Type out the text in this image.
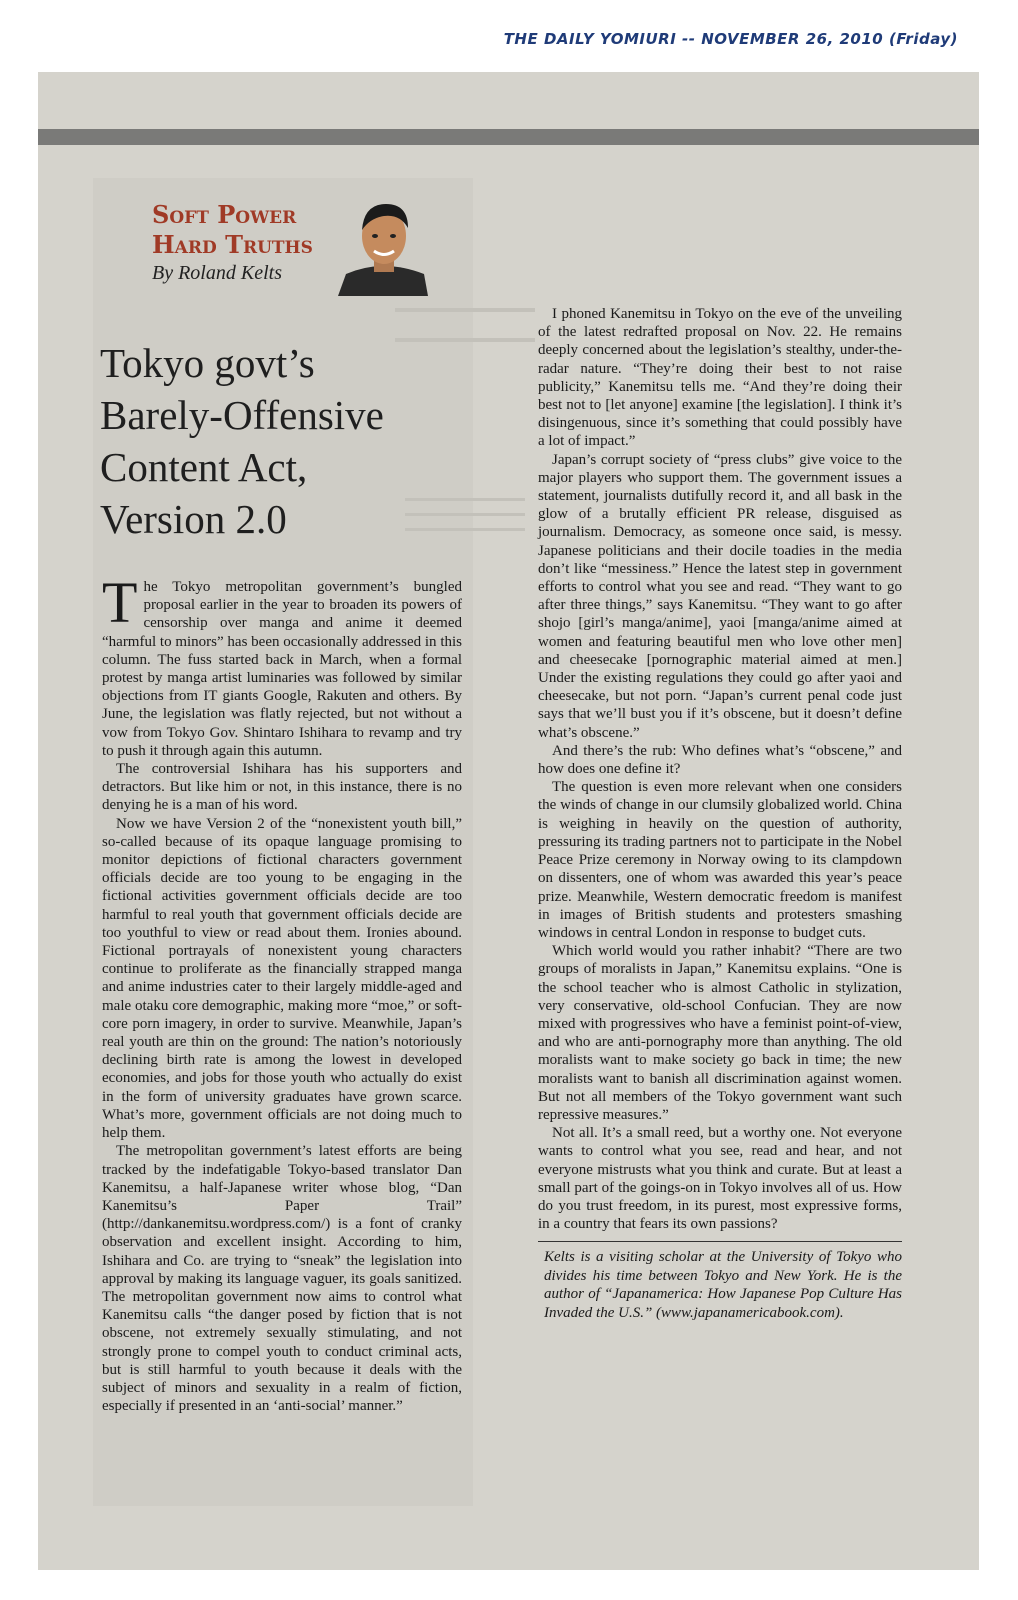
THE DAILY YOMIURI -- NOVEMBER 26, 2010 (Friday)
Soft Power
Hard Truths
By Roland Kelts
Tokyo govt’s
Barely-Offensive
Content Act,
Version 2.0

The Tokyo metropolitan government’s bungled proposal earlier in the year to broaden its powers of censorship over manga and anime it deemed “harmful to minors” has been occasionally addressed in this column. The fuss started back in March, when a formal protest by manga artist luminaries was followed by similar objections from IT giants Google, Rakuten and others. By June, the legislation was flatly rejected, but not without a vow from Tokyo Gov. Shintaro Ishihara to revamp and try to push it through again this autumn.

The controversial Ishihara has his supporters and detractors. But like him or not, in this instance, there is no denying he is a man of his word.

Now we have Version 2 of the “nonexistent youth bill,” so-called because of its opaque language promising to monitor depictions of fictional characters government officials decide are too young to be engaging in the fictional activities government officials decide are too harmful to real youth that government officials decide are too youthful to view or read about them. Ironies abound. Fictional portrayals of nonexistent young characters continue to proliferate as the financially strapped manga and anime industries cater to their largely middle-aged and male otaku core demographic, making more “moe,” or soft-core porn imagery, in order to survive. Meanwhile, Japan’s real youth are thin on the ground: The nation’s notoriously declining birth rate is among the lowest in developed economies, and jobs for those youth who actually do exist in the form of university graduates have grown scarce. What’s more, government officials are not doing much to help them.

The metropolitan government’s latest efforts are being tracked by the indefatigable Tokyo-based translator Dan Kanemitsu, a half-Japanese writer whose blog, “Dan Kanemitsu’s Paper Trail” (http://dankanemitsu.wordpress.com/) is a font of cranky observation and excellent insight. According to him, Ishihara and Co. are trying to “sneak” the legislation into approval by making its language vaguer, its goals sanitized. The metropolitan government now aims to control what Kanemitsu calls “the danger posed by fiction that is not obscene, not extremely sexually stimulating, and not strongly prone to compel youth to conduct criminal acts, but is still harmful to youth because it deals with the subject of minors and sexuality in a realm of fiction, especially if presented in an ‘anti-social’ manner.”

I phoned Kanemitsu in Tokyo on the eve of the unveiling of the latest redrafted proposal on Nov. 22. He remains deeply concerned about the legislation’s stealthy, under-the-radar nature. “They’re doing their best to not raise publicity,” Kanemitsu tells me. “And they’re doing their best not to [let anyone] examine [the legislation]. I think it’s disingenuous, since it’s something that could possibly have a lot of impact.”

Japan’s corrupt society of “press clubs” give voice to the major players who support them. The government issues a statement, journalists dutifully record it, and all bask in the glow of a brutally efficient PR release, disguised as journalism. Democracy, as someone once said, is messy. Japanese politicians and their docile toadies in the media don’t like “messiness.” Hence the latest step in government efforts to control what you see and read. “They want to go after three things,” says Kanemitsu. “They want to go after shojo [girl’s manga/anime], yaoi [manga/anime aimed at women and featuring beautiful men who love other men] and cheesecake [pornographic material aimed at men.] Under the existing regulations they could go after yaoi and cheesecake, but not porn. “Japan’s current penal code just says that we’ll bust you if it’s obscene, but it doesn’t define what’s obscene.”

And there’s the rub: Who defines what’s “obscene,” and how does one define it?

The question is even more relevant when one considers the winds of change in our clumsily globalized world. China is weighing in heavily on the question of authority, pressuring its trading partners not to participate in the Nobel Peace Prize ceremony in Norway owing to its clampdown on dissenters, one of whom was awarded this year’s peace prize. Meanwhile, Western democratic freedom is manifest in images of British students and protesters smashing windows in central London in response to budget cuts.

Which world would you rather inhabit? “There are two groups of moralists in Japan,” Kanemitsu explains. “One is the school teacher who is almost Catholic in stylization, very conservative, old-school Confucian. They are now mixed with progressives who have a feminist point-of-view, and who are anti-pornography more than anything. The old moralists want to make society go back in time; the new moralists want to banish all discrimination against women. But not all members of the Tokyo government want such repressive measures.”

Not all. It’s a small reed, but a worthy one. Not everyone wants to control what you see, read and hear, and not everyone mistrusts what you think and curate. But at least a small part of the goings-on in Tokyo involves all of us. How do you trust freedom, in its purest, most expressive forms, in a country that fears its own passions?

Kelts is a visiting scholar at the University of Tokyo who divides his time between Tokyo and New York. He is the author of “Japanamerica: How Japanese Pop Culture Has Invaded the U.S.” (www.japanamericabook.com).
